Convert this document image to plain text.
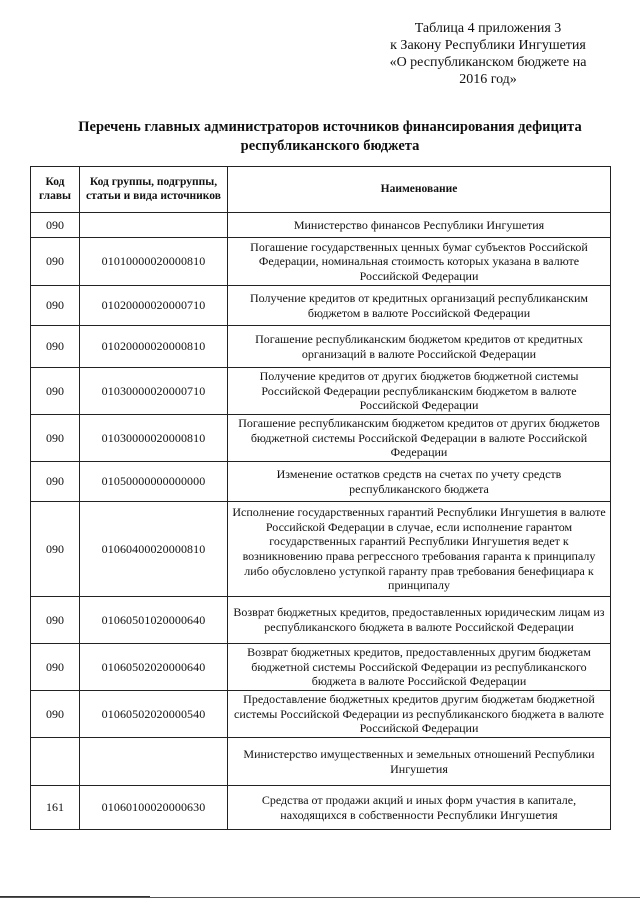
Таблица 4 приложения 3
к Закону Республики Ингушетия
«О республиканском бюджете на
2016 год»
Перечень главных администраторов источников финансирования дефицита
республиканского бюджета
Код главы	Код группы, подгруппы, статьи и вида источников	Наименование
090		Министерство финансов Республики Ингушетия
090	01010000020000810	Погашение государственных ценных бумаг субъектов Российской Федерации, номинальная стоимость которых указана в валюте Российской Федерации
090	01020000020000710	Получение кредитов от кредитных организаций республиканским бюджетом в валюте Российской Федерации
090	01020000020000810	Погашение республиканским бюджетом кредитов от кредитных организаций в валюте Российской Федерации
090	01030000020000710	Получение кредитов от других бюджетов бюджетной системы Российской Федерации республиканским бюджетом в валюте Российской Федерации
090	01030000020000810	Погашение республиканским бюджетом кредитов от других бюджетов бюджетной системы Российской Федерации в валюте Российской Федерации
090	01050000000000000	Изменение остатков средств на счетах по учету средств республиканского бюджета
090	01060400020000810	Исполнение государственных гарантий Республики Ингушетия в валюте Российской Федерации в случае, если исполнение гарантом государственных гарантий Республики Ингушетия ведет к возникновению права регрессного требования гаранта к принципалу либо обусловлено уступкой гаранту прав требования бенефициара к принципалу
090	01060501020000640	Возврат бюджетных кредитов, предоставленных юридическим лицам из республиканского бюджета в валюте Российской Федерации
090	01060502020000640	Возврат бюджетных кредитов, предоставленных другим бюджетам бюджетной системы Российской Федерации из республиканского бюджета в валюте Российской Федерации
090	01060502020000540	Предоставление бюджетных кредитов другим бюджетам бюджетной системы Российской Федерации из республиканского бюджета в валюте Российской Федерации
		Министерство имущественных и земельных отношений Республики Ингушетия
161	01060100020000630	Средства от продажи акций и иных форм участия в капитале, находящихся в собственности Республики Ингушетия
